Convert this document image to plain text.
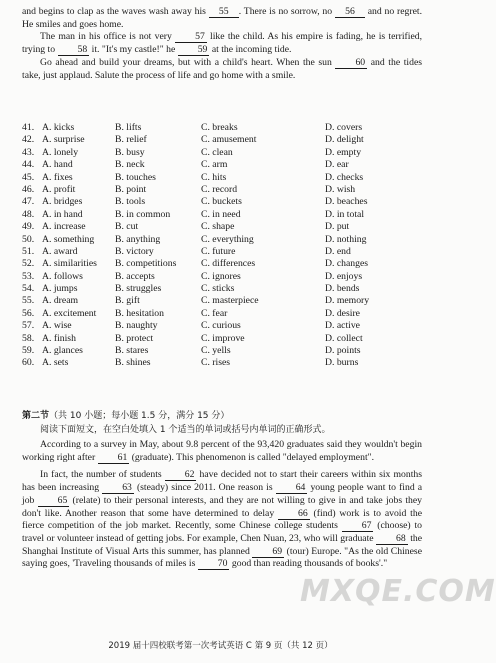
and begins to clap as the waves wash away his 55 . There is no sorrow, no 56 and no regret. He smiles and goes home.

The man in his office is not very 57 like the child. As his empire is fading, he is terrified, trying to 58 it. "It's my castle!" he 59 at the incoming tide.

Go ahead and build your dreams, but with a child's heart. When the sun 60 and the tides take, just applaud. Salute the process of life and go home with a smile.

41. A. kicks	B. lifts	C. breaks	D. covers
42. A. surprise	B. relief	C. amusement	D. delight
43. A. lonely	B. busy	C. clean	D. empty
44. A. hand	B. neck	C. arm	D. ear
45. A. fixes	B. touches	C. hits	D. checks
46. A. profit	B. point	C. record	D. wish
47. A. bridges	B. tools	C. buckets	D. beaches
48. A. in hand	B. in common	C. in need	D. in total
49. A. increase	B. cut	C. shape	D. put
50. A. something	B. anything	C. everything	D. nothing
51. A. award	B. victory	C. future	D. end
52. A. similarities	B. competitions	C. differences	D. changes
53. A. follows	B. accepts	C. ignores	D. enjoys
54. A. jumps	B. struggles	C. sticks	D. bends
55. A. dream	B. gift	C. masterpiece	D. memory
56. A. excitement	B. hesitation	C. fear	D. desire
57. A. wise	B. naughty	C. curious	D. active
58. A. finish	B. protect	C. improve	D. collect
59. A. glances	B. stares	C. yells	D. points
60. A. sets	B. shines	C. rises	D. burns
第二节（共 10 小题；每小题 1.5 分，满分 15 分）
阅读下面短文，在空白处填入 1 个适当的单词或括号内单词的正确形式。

According to a survey in May, about 9.8 percent of the 93,420 graduates said they wouldn't begin working right after 61 (graduate). This phenomenon is called "delayed employment".

In fact, the number of students 62 have decided not to start their careers within six months has been increasing 63 (steady) since 2011. One reason is 64 young people want to find a job 65 (relate) to their personal interests, and they are not willing to give in and take jobs they don't like. Another reason that some have determined to delay 66 (find) work is to avoid the fierce competition of the job market. Recently, some Chinese college students 67 (choose) to travel or volunteer instead of getting jobs. For example, Chen Nuan, 23, who will graduate 68 the Shanghai Institute of Visual Arts this summer, has planned 69 (tour) Europe. "As the old Chinese saying goes, 'Traveling thousands of miles is 70 good than reading thousands of books'."

MXQE.COM
2019 届十四校联考第一次考试英语 C 第 9 页（共 12 页）
